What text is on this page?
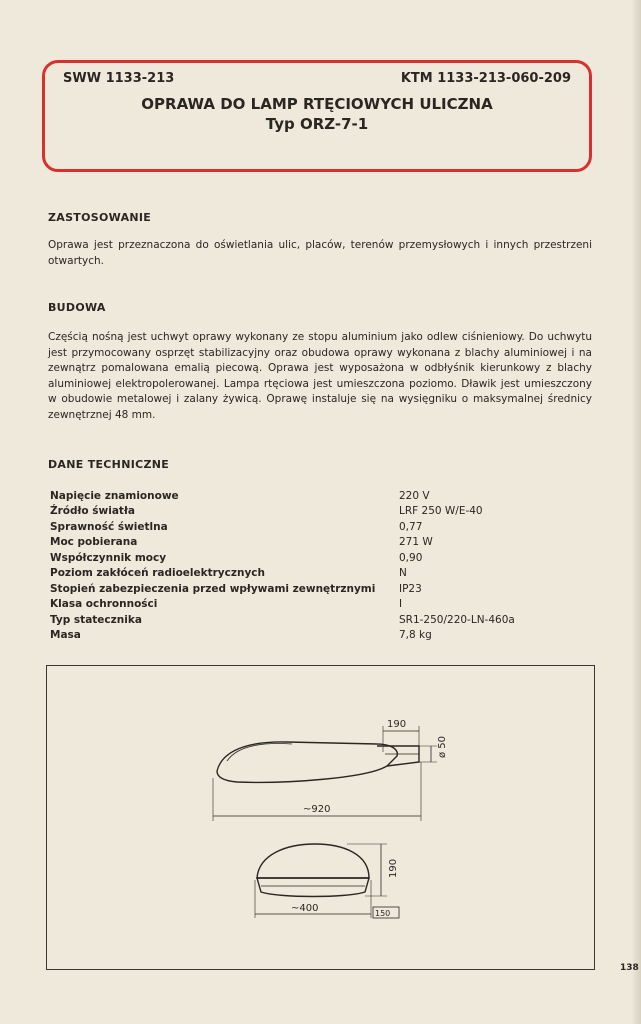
SWW 1133-213	KTM 1133-213-060-209
OPRAWA DO LAMP RTĘCIOWYCH ULICZNA
Typ ORZ-7-1
ZASTOSOWANIE
Oprawa jest przeznaczona do oświetlania ulic, placów, terenów przemysłowych i innych przestrzeni otwartych.
BUDOWA
Częścią nośną jest uchwyt oprawy wykonany ze stopu aluminium jako odlew ciśnieniowy. Do uchwytu jest przymocowany osprzęt stabilizacyjny oraz obudowa oprawy wykonana z blachy aluminiowej i na zewnątrz pomalowana emalią piecową. Oprawa jest wyposażona w odbłyśnik kierunkowy z blachy aluminiowej elektropolerowanej. Lampa rtęciowa jest umieszczona poziomo. Dławik jest umieszczony w obudowie metalowej i zalany żywicą. Oprawę instaluje się na wysięgniku o maksymalnej średnicy zewnętrznej 48 mm.
DANE TECHNICZNE
Napięcie znamionowe	220 V
Źródło światła	LRF 250 W/E-40
Sprawność świetlna	0,77
Moc pobierana	271 W
Współczynnik mocy	0,90
Poziom zakłóceń radioelektrycznych	N
Stopień zabezpieczenia przed wpływami zewnętrznymi IP23
Klasa ochronności	I
Typ statecznika	SR1-250/220-LN-460a
Masa	7,8 kg
190
ø 50
~920
190
~400	150
138
